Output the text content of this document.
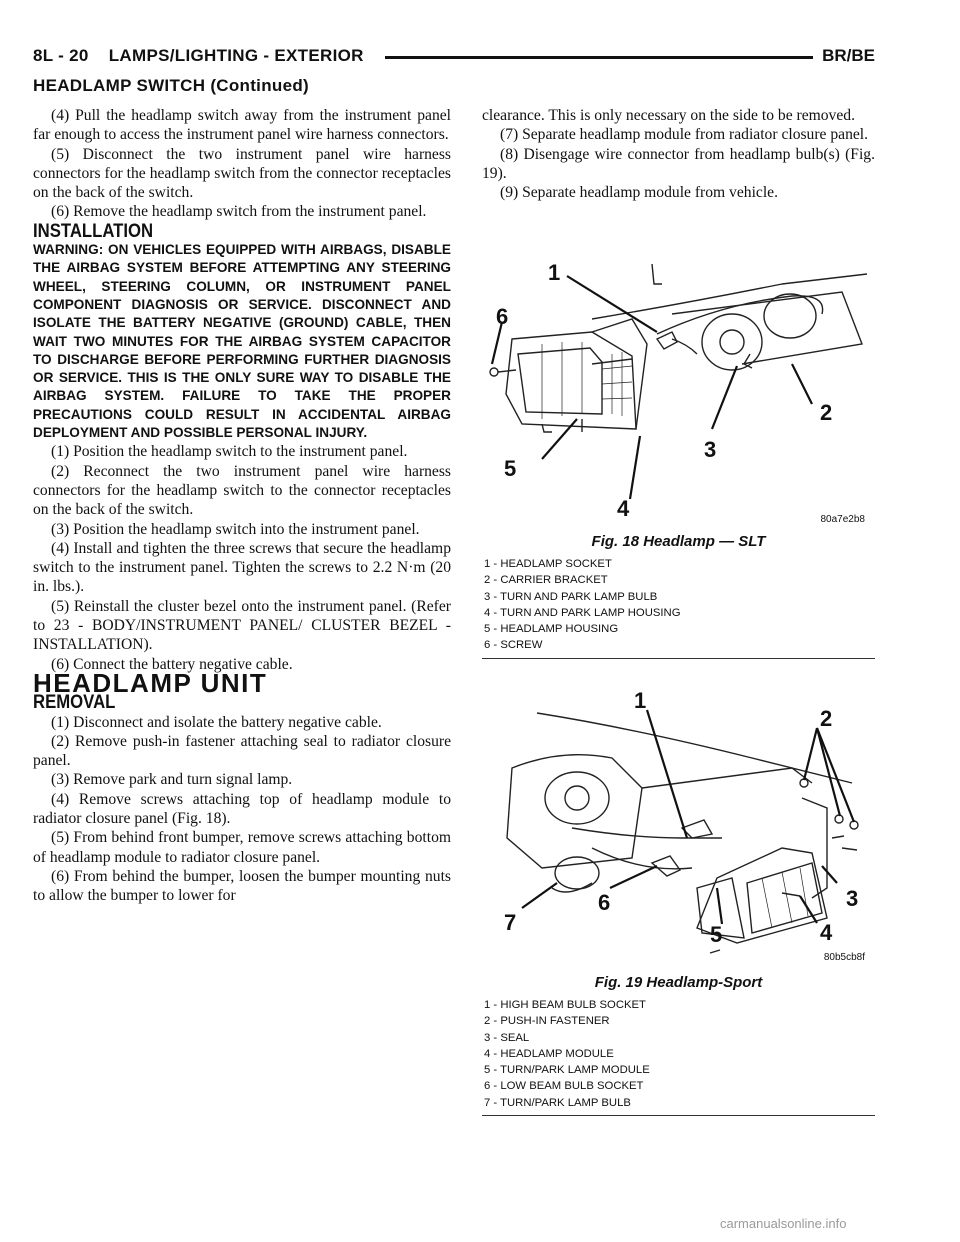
8L - 20    LAMPS/LIGHTING - EXTERIOR	BR/BE
HEADLAMP SWITCH (Continued)

(4) Pull the headlamp switch away from the instrument panel far enough to access the instrument panel wire harness connectors.

(5) Disconnect the two instrument panel wire harness connectors for the headlamp switch from the connector receptacles on the back of the switch.

(6) Remove the headlamp switch from the instrument panel.

INSTALLATION

WARNING: ON VEHICLES EQUIPPED WITH AIRBAGS, DISABLE THE AIRBAG SYSTEM BEFORE ATTEMPTING ANY STEERING WHEEL, STEERING COLUMN, OR INSTRUMENT PANEL COMPONENT DIAGNOSIS OR SERVICE. DISCONNECT AND ISOLATE THE BATTERY NEGATIVE (GROUND) CABLE, THEN WAIT TWO MINUTES FOR THE AIRBAG SYSTEM CAPACITOR TO DISCHARGE BEFORE PERFORMING FURTHER DIAGNOSIS OR SERVICE. THIS IS THE ONLY SURE WAY TO DISABLE THE AIRBAG SYSTEM. FAILURE TO TAKE THE PROPER PRECAUTIONS COULD RESULT IN ACCIDENTAL AIRBAG DEPLOYMENT AND POSSIBLE PERSONAL INJURY.

(1) Position the headlamp switch to the instrument panel.

(2) Reconnect the two instrument panel wire harness connectors for the headlamp switch to the connector receptacles on the back of the switch.

(3) Position the headlamp switch into the instrument panel.

(4) Install and tighten the three screws that secure the headlamp switch to the instrument panel. Tighten the screws to 2.2 N·m (20 in. lbs.).

(5) Reinstall the cluster bezel onto the instrument panel. (Refer to 23 - BODY/INSTRUMENT PANEL/ CLUSTER BEZEL - INSTALLATION).

(6) Connect the battery negative cable.

HEADLAMP UNIT

REMOVAL

(1) Disconnect and isolate the battery negative cable.

(2) Remove push-in fastener attaching seal to radiator closure panel.

(3) Remove park and turn signal lamp.

(4) Remove screws attaching top of headlamp module to radiator closure panel (Fig. 18).

(5) From behind front bumper, remove screws attaching bottom of headlamp module to radiator closure panel.

(6) From behind the bumper, loosen the bumper mounting nuts to allow the bumper to lower for

clearance. This is only necessary on the side to be removed.

(7) Separate headlamp module from radiator closure panel.

(8) Disengage wire connector from headlamp bulb(s) (Fig. 19).

(9) Separate headlamp module from vehicle.

1
2
3
4
5
6
80a7e2b8
Fig. 18 Headlamp — SLT
1 - HEADLAMP SOCKET
2 - CARRIER BRACKET
3 - TURN AND PARK LAMP BULB
4 - TURN AND PARK LAMP HOUSING
5 - HEADLAMP HOUSING
6 - SCREW
1
2
3
4
5
6
7
80b5cb8f
Fig. 19 Headlamp-Sport
1 - HIGH BEAM BULB SOCKET
2 - PUSH-IN FASTENER
3 - SEAL
4 - HEADLAMP MODULE
5 - TURN/PARK LAMP MODULE
6 - LOW BEAM BULB SOCKET
7 - TURN/PARK LAMP BULB
carmanualsonline.info
